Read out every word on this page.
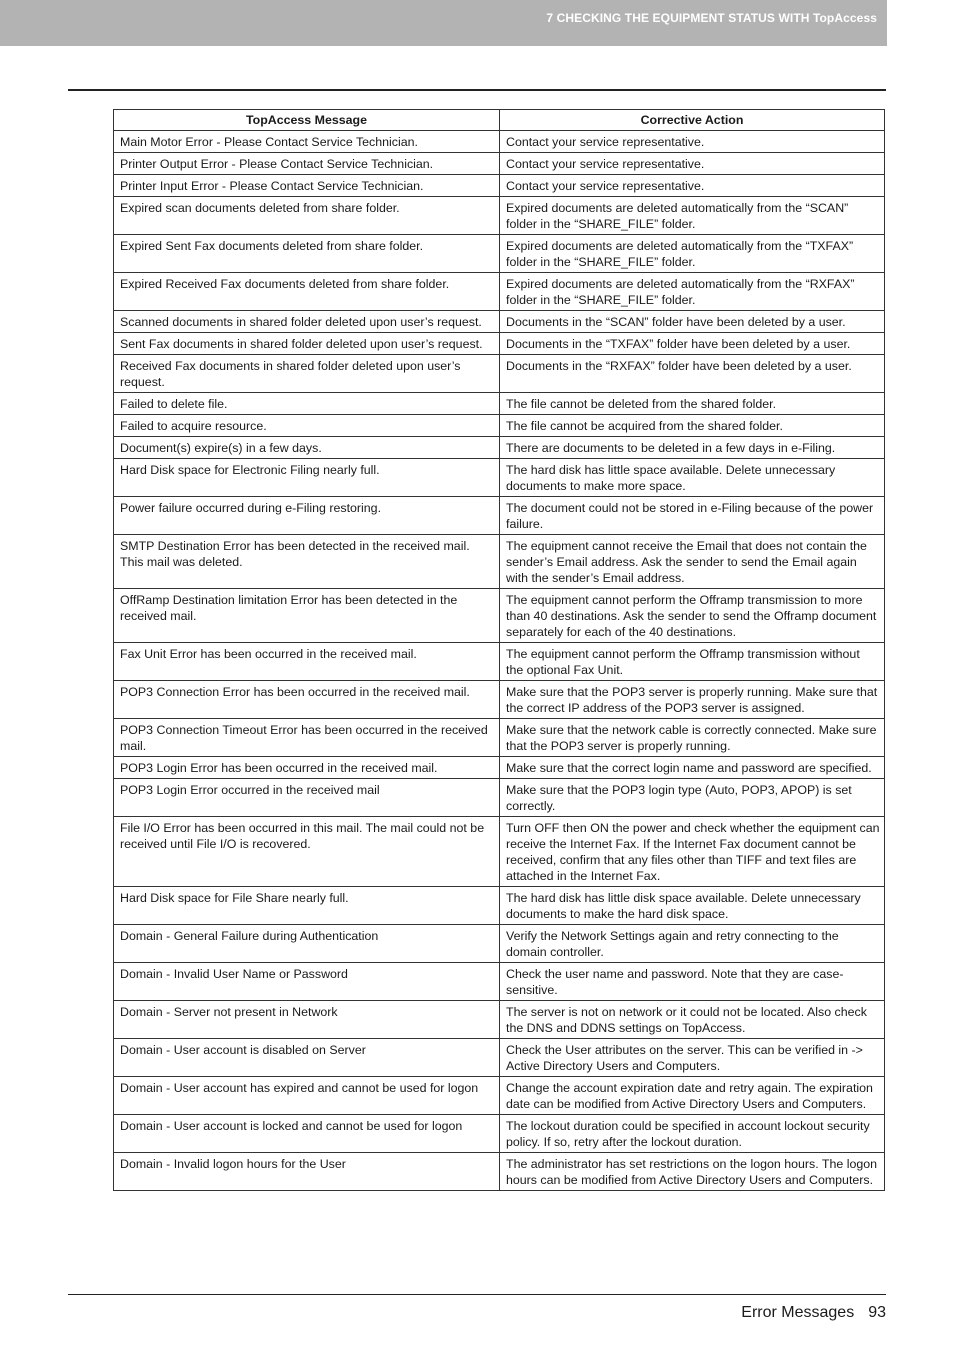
7 CHECKING THE EQUIPMENT STATUS WITH TopAccess
TopAccess Message	Corrective Action
Main Motor Error - Please Contact Service Technician.	Contact your service representative.
Printer Output Error - Please Contact Service Technician.	Contact your service representative.
Printer Input Error - Please Contact Service Technician.	Contact your service representative.
Expired scan documents deleted from share folder.	Expired documents are deleted automatically from the “SCAN” folder in the “SHARE_FILE” folder.
Expired Sent Fax documents deleted from share folder.	Expired documents are deleted automatically from the “TXFAX” folder in the “SHARE_FILE” folder.
Expired Received Fax documents deleted from share folder.	Expired documents are deleted automatically from the “RXFAX” folder in the “SHARE_FILE” folder.
Scanned documents in shared folder deleted upon user’s request.	Documents in the “SCAN” folder have been deleted by a user.
Sent Fax documents in shared folder deleted upon user’s request.	Documents in the “TXFAX” folder have been deleted by a user.
Received Fax documents in shared folder deleted upon user’s request.	Documents in the “RXFAX” folder have been deleted by a user.
Failed to delete file.	The file cannot be deleted from the shared folder.
Failed to acquire resource.	The file cannot be acquired from the shared folder.
Document(s) expire(s) in a few days.	There are documents to be deleted in a few days in e-Filing.
Hard Disk space for Electronic Filing nearly full.	The hard disk has little space available. Delete unnecessary documents to make more space.
Power failure occurred during e-Filing restoring.	The document could not be stored in e-Filing because of the power failure.
SMTP Destination Error has been detected in the received mail. This mail was deleted.	The equipment cannot receive the Email that does not contain the sender’s Email address. Ask the sender to send the Email again with the sender’s Email address.
OffRamp Destination limitation Error has been detected in the received mail.	The equipment cannot perform the Offramp transmission to more than 40 destinations. Ask the sender to send the Offramp document separately for each of the 40 destinations.
Fax Unit Error has been occurred in the received mail.	The equipment cannot perform the Offramp transmission without the optional Fax Unit.
POP3 Connection Error has been occurred in the received mail.	Make sure that the POP3 server is properly running. Make sure that the correct IP address of the POP3 server is assigned.
POP3 Connection Timeout Error has been occurred in the received mail.	Make sure that the network cable is correctly connected. Make sure that the POP3 server is properly running.
POP3 Login Error has been occurred in the received mail.	Make sure that the correct login name and password are specified.
POP3 Login Error occurred in the received mail	Make sure that the POP3 login type (Auto, POP3, APOP) is set correctly.
File I/O Error has been occurred in this mail. The mail could not be received until File I/O is recovered.	Turn OFF then ON the power and check whether the equipment can receive the Internet Fax. If the Internet Fax document cannot be received, confirm that any files other than TIFF and text files are attached in the Internet Fax.
Hard Disk space for File Share nearly full.	The hard disk has little disk space available. Delete unnecessary documents to make the hard disk space.
Domain - General Failure during Authentication	Verify the Network Settings again and retry connecting to the domain controller.
Domain - Invalid User Name or Password	Check the user name and password. Note that they are case-sensitive.
Domain - Server not present in Network	The server is not on network or it could not be located. Also check the DNS and DDNS settings on TopAccess.
Domain - User account is disabled on Server	Check the User attributes on the server. This can be verified in -> Active Directory Users and Computers.
Domain - User account has expired and cannot be used for logon	Change the account expiration date and retry again. The expiration date can be modified from Active Directory Users and Computers.
Domain - User account is locked and cannot be used for logon	The lockout duration could be specified in account lockout security policy. If so, retry after the lockout duration.
Domain - Invalid logon hours for the User	The administrator has set restrictions on the logon hours. The logon hours can be modified from Active Directory Users and Computers.
Error Messages 93
